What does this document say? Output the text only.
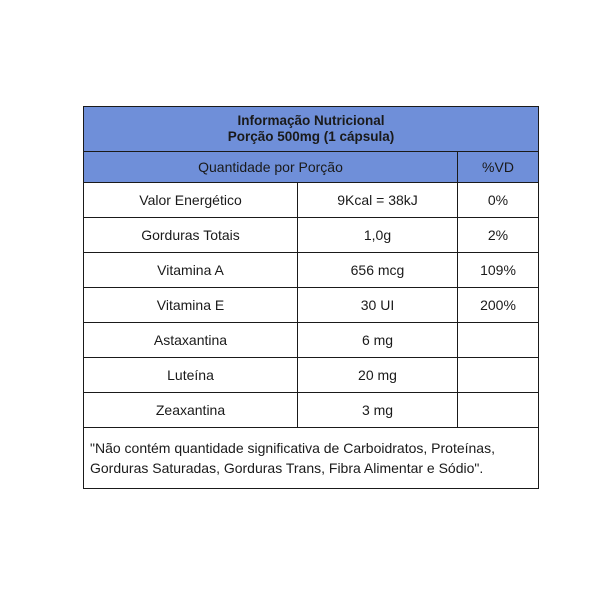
Informação Nutricional
Porção 500mg (1 cápsula)		

Quantidade por Porção		%VD
Valor Energético	9Kcal = 38kJ	0%
Gorduras Totais	1,0g	2%
Vitamina A	656 mcg	109%
Vitamina E	30 UI	200%
Astaxantina	6 mg	
Luteína	20 mg	
Zeaxantina	3 mg	
"Não contém quantidade significativa de Carboidratos, Proteínas, Gorduras Saturadas, Gorduras Trans, Fibra Alimentar e Sódio".		
